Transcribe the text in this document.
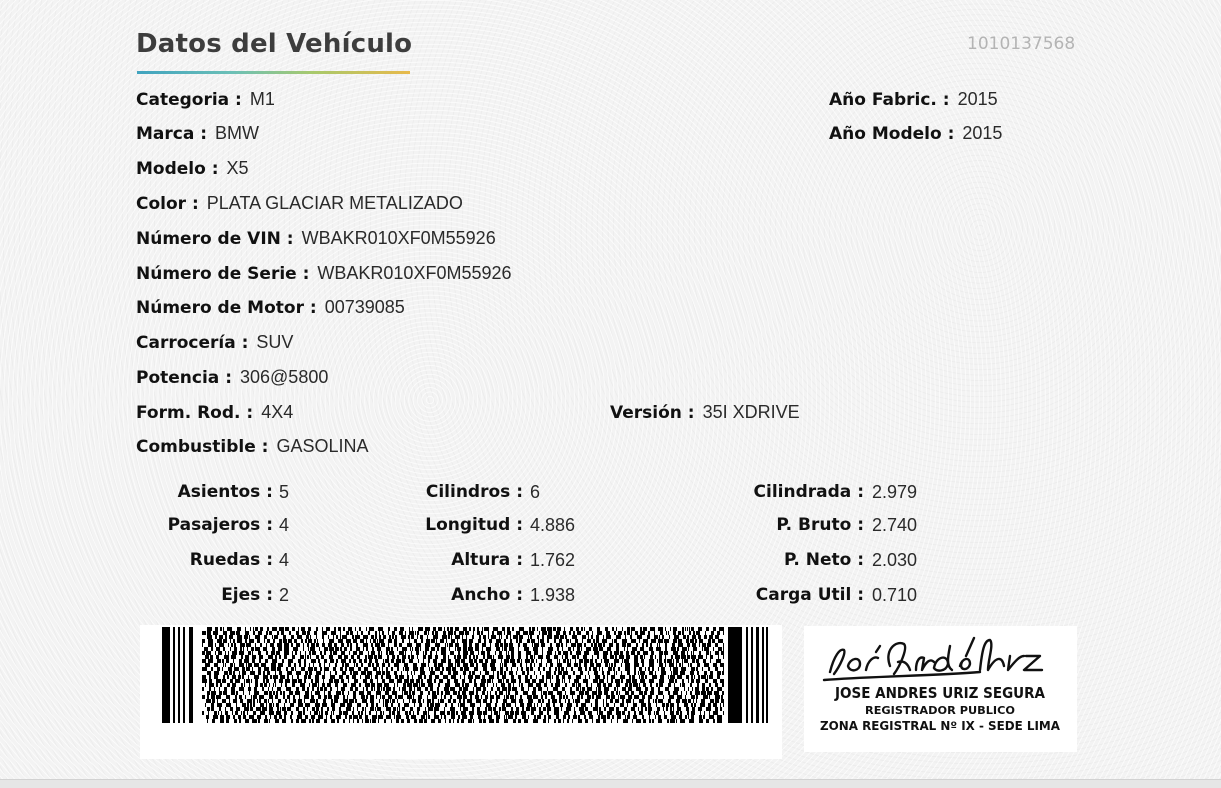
Datos del Vehículo	1010137568
Categoria : M1
Marca : BMW
Modelo : X5
Color : PLATA GLACIAR METALIZADO
Número de VIN : WBAKR010XF0M55926
Número de Serie : WBAKR010XF0M55926
Número de Motor : 00739085
Carrocería : SUV
Potencia : 306@5800
Form. Rod. : 4X4
Combustible : GASOLINA
Año Fabric. : 2015
Año Modelo : 2015
Versión : 35I XDRIVE
Asientos : 5
Pasajeros : 4
Ruedas : 4
Ejes : 2
Cilindros : 6
Longitud : 4.886
Altura : 1.762
Ancho : 1.938
Cilindrada : 2.979
P. Bruto : 2.740
P. Neto : 2.030
Carga Util : 0.710
JOSE ANDRES URIZ SEGURA
REGISTRADOR PUBLICO
ZONA REGISTRAL Nº IX - SEDE LIMA
